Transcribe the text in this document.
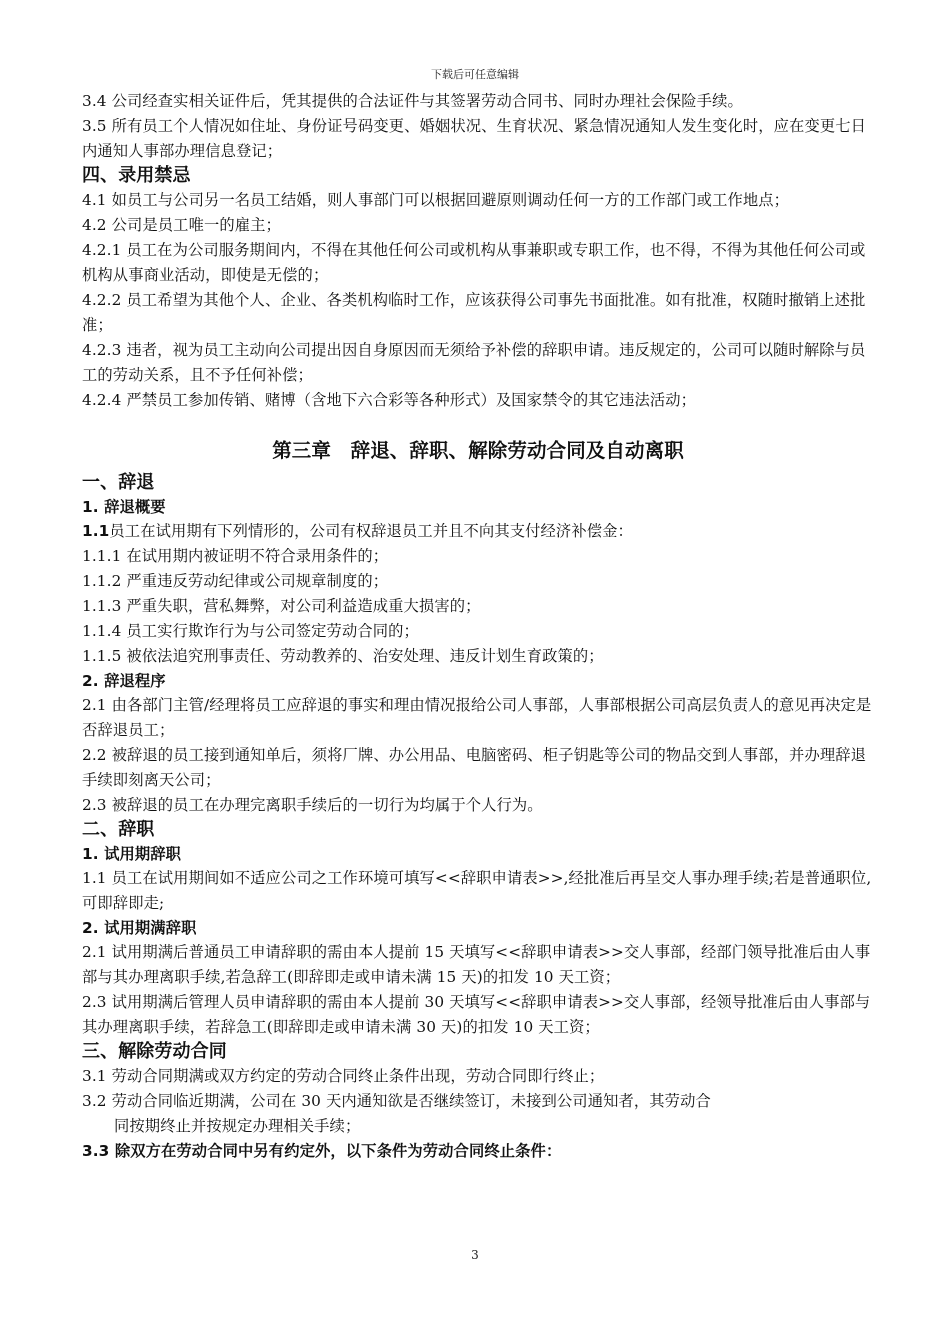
下载后可任意编辑

3.4 公司经查实相关证件后，凭其提供的合法证件与其签署劳动合同书、同时办理社会保险手续。

3.5 所有员工个人情况如住址、身份证号码变更、婚姻状况、生育状况、紧急情况通知人发生变化时，应在变更七日内通知人事部办理信息登记；

四、录用禁忌

4.1 如员工与公司另一名员工结婚，则人事部门可以根据回避原则调动任何一方的工作部门或工作地点；

4.2 公司是员工唯一的雇主；

4.2.1 员工在为公司服务期间内，不得在其他任何公司或机构从事兼职或专职工作，也不得，不得为其他任何公司或机构从事商业活动，即使是无偿的；

4.2.2 员工希望为其他个人、企业、各类机构临时工作，应该获得公司事先书面批准。如有批准，权随时撤销上述批准；

4.2.3 违者，视为员工主动向公司提出因自身原因而无须给予补偿的辞职申请。违反规定的，公司可以随时解除与员工的劳动关系，且不予任何补偿；

4.2.4 严禁员工参加传销、赌博（含地下六合彩等各种形式）及国家禁令的其它违法活动；

第三章　辞退、辞职、解除劳动合同及自动离职

一、辞退

1. 辞退概要

1.1员工在试用期有下列情形的，公司有权辞退员工并且不向其支付经济补偿金：

1.1.1 在试用期内被证明不符合录用条件的；

1.1.2 严重违反劳动纪律或公司规章制度的；

1.1.3 严重失职，营私舞弊，对公司利益造成重大损害的；

1.1.4 员工实行欺诈行为与公司签定劳动合同的；

1.1.5 被依法追究刑事责任、劳动教养的、治安处理、违反计划生育政策的；

2. 辞退程序

2.1 由各部门主管/经理将员工应辞退的事实和理由情况报给公司人事部，人事部根据公司高层负责人的意见再决定是否辞退员工；

2.2 被辞退的员工接到通知单后，须将厂牌、办公用品、电脑密码、柜子钥匙等公司的物品交到人事部，并办理辞退手续即刻离天公司；

2.3 被辞退的员工在办理完离职手续后的一切行为均属于个人行为。

二、辞职

1. 试用期辞职

1.1 员工在试用期间如不适应公司之工作环境可填写<<辞职申请表>>,经批准后再呈交人事办理手续;若是普通职位,可即辞即走;

2. 试用期满辞职

2.1 试用期满后普通员工申请辞职的需由本人提前 15 天填写<<辞职申请表>>交人事部，经部门领导批准后由人事部与其办理离职手续,若急辞工(即辞即走或申请未满 15 天)的扣发 10 天工资；

2.3 试用期满后管理人员申请辞职的需由本人提前 30 天填写<<辞职申请表>>交人事部，经领导批准后由人事部与其办理离职手续，若辞急工(即辞即走或申请未满 30 天)的扣发 10 天工资；

三、解除劳动合同

3.1 劳动合同期满或双方约定的劳动合同终止条件出现，劳动合同即行终止；

3.2 劳动合同临近期满，公司在 30 天内通知欲是否继续签订，未接到公司通知者，其劳动合
同按期终止并按规定办理相关手续；

3.3 除双方在劳动合同中另有约定外，以下条件为劳动合同终止条件：

3
